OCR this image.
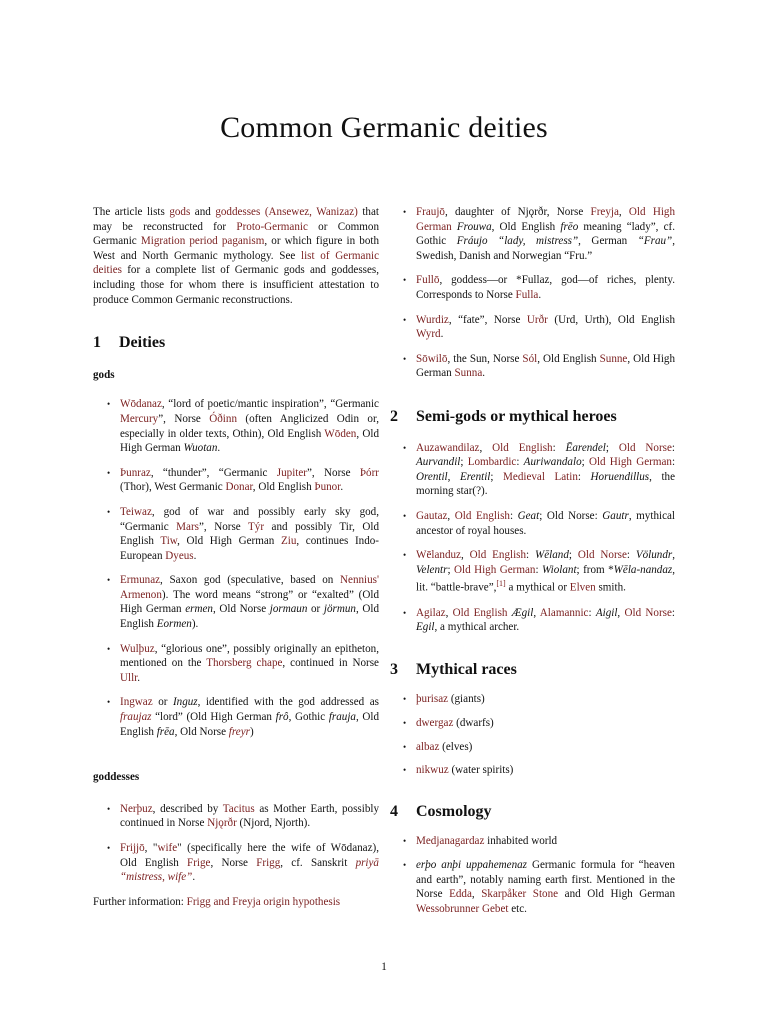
Common Germanic deities

The article lists gods and goddesses (Ansewez, Wanizaz) that may be reconstructed for Proto-Germanic or Common Germanic Migration period paganism, or which figure in both West and North Germanic mythology. See list of Germanic deities for a complete list of Germanic gods and goddesses, including those for whom there is insufficient attestation to produce Common Germanic reconstructions.

1 Deities

gods

• Wōdanaz, “lord of poetic/mantic inspiration”, “Germanic Mercury”, Norse Óðinn (often Anglicized Odin or, especially in older texts, Othin), Old English Wōden, Old High German Wuotan.
• Þunraz, “thunder”, “Germanic Jupiter”, Norse Þórr (Thor), West Germanic Donar, Old English Þunor.
• Teiwaz, god of war and possibly early sky god, “Germanic Mars”, Norse Týr and possibly Tir, Old English Tiw, Old High German Ziu, continues Indo-European Dyeus.
• Ermunaz, Saxon god (speculative, based on Nennius' Armenon). The word means “strong” or “exalted” (Old High German ermen, Old Norse jormaun or jörmun, Old English Eormen).
• Wulþuz, “glorious one”, possibly originally an epitheton, mentioned on the Thorsberg chape, continued in Norse Ullr.
• Ingwaz or Inguz, identified with the god addressed as fraujaz “lord” (Old High German frô, Gothic frauja, Old English frēa, Old Norse freyr)

goddesses

• Nerþuz, described by Tacitus as Mother Earth, possibly continued in Norse Njǫrðr (Njord, Njorth).
• Frijjō, "wife" (specifically here the wife of Wōdanaz), Old English Frige, Norse Frigg, cf. Sanskrit priyā “mistress, wife”.

Further information: Frigg and Freyja origin hypothesis

• Fraujō, daughter of Njǫrðr, Norse Freyja, Old High German Frouwa, Old English frēo meaning “lady”, cf. Gothic Fráujo “lady, mistress”, German “Frau”, Swedish, Danish and Norwegian “Fru.”
• Fullō, goddess—or *Fullaz, god—of riches, plenty. Corresponds to Norse Fulla.
• Wurdiz, “fate”, Norse Urðr (Urd, Urth), Old English Wyrd.
• Sōwilō, the Sun, Norse Sól, Old English Sunne, Old High German Sunna.
2 Semi-gods or mythical heroes
• Auzawandilaz, Old English: Ēarendel; Old Norse: Aurvandil; Lombardic: Auriwandalo; Old High German: Orentil, Erentil; Medieval Latin: Horuendillus, the morning star(?).
• Gautaz, Old English: Geat; Old Norse: Gautr, mythical ancestor of royal houses.
• Wēlanduz, Old English: Wēland; Old Norse: Völundr, Velentr; Old High German: Wiolant; from *Wēla-nandaz, lit. “battle-brave”,[1] a mythical or Elven smith.
• Agilaz, Old English Ægil, Alamannic: Aigil, Old Norse: Egil, a mythical archer.
3 Mythical races
• þurisaz (giants)
• dwergaz (dwarfs)
• albaz (elves)
• nikwuz (water spirits)
4 Cosmology
• Medjanagardaz inhabited world
• erþo anþi uppahemenaz Germanic formula for “heaven and earth”, notably naming earth first. Mentioned in the Norse Edda, Skarpåker Stone and Old High German Wessobrunner Gebet etc.
1
